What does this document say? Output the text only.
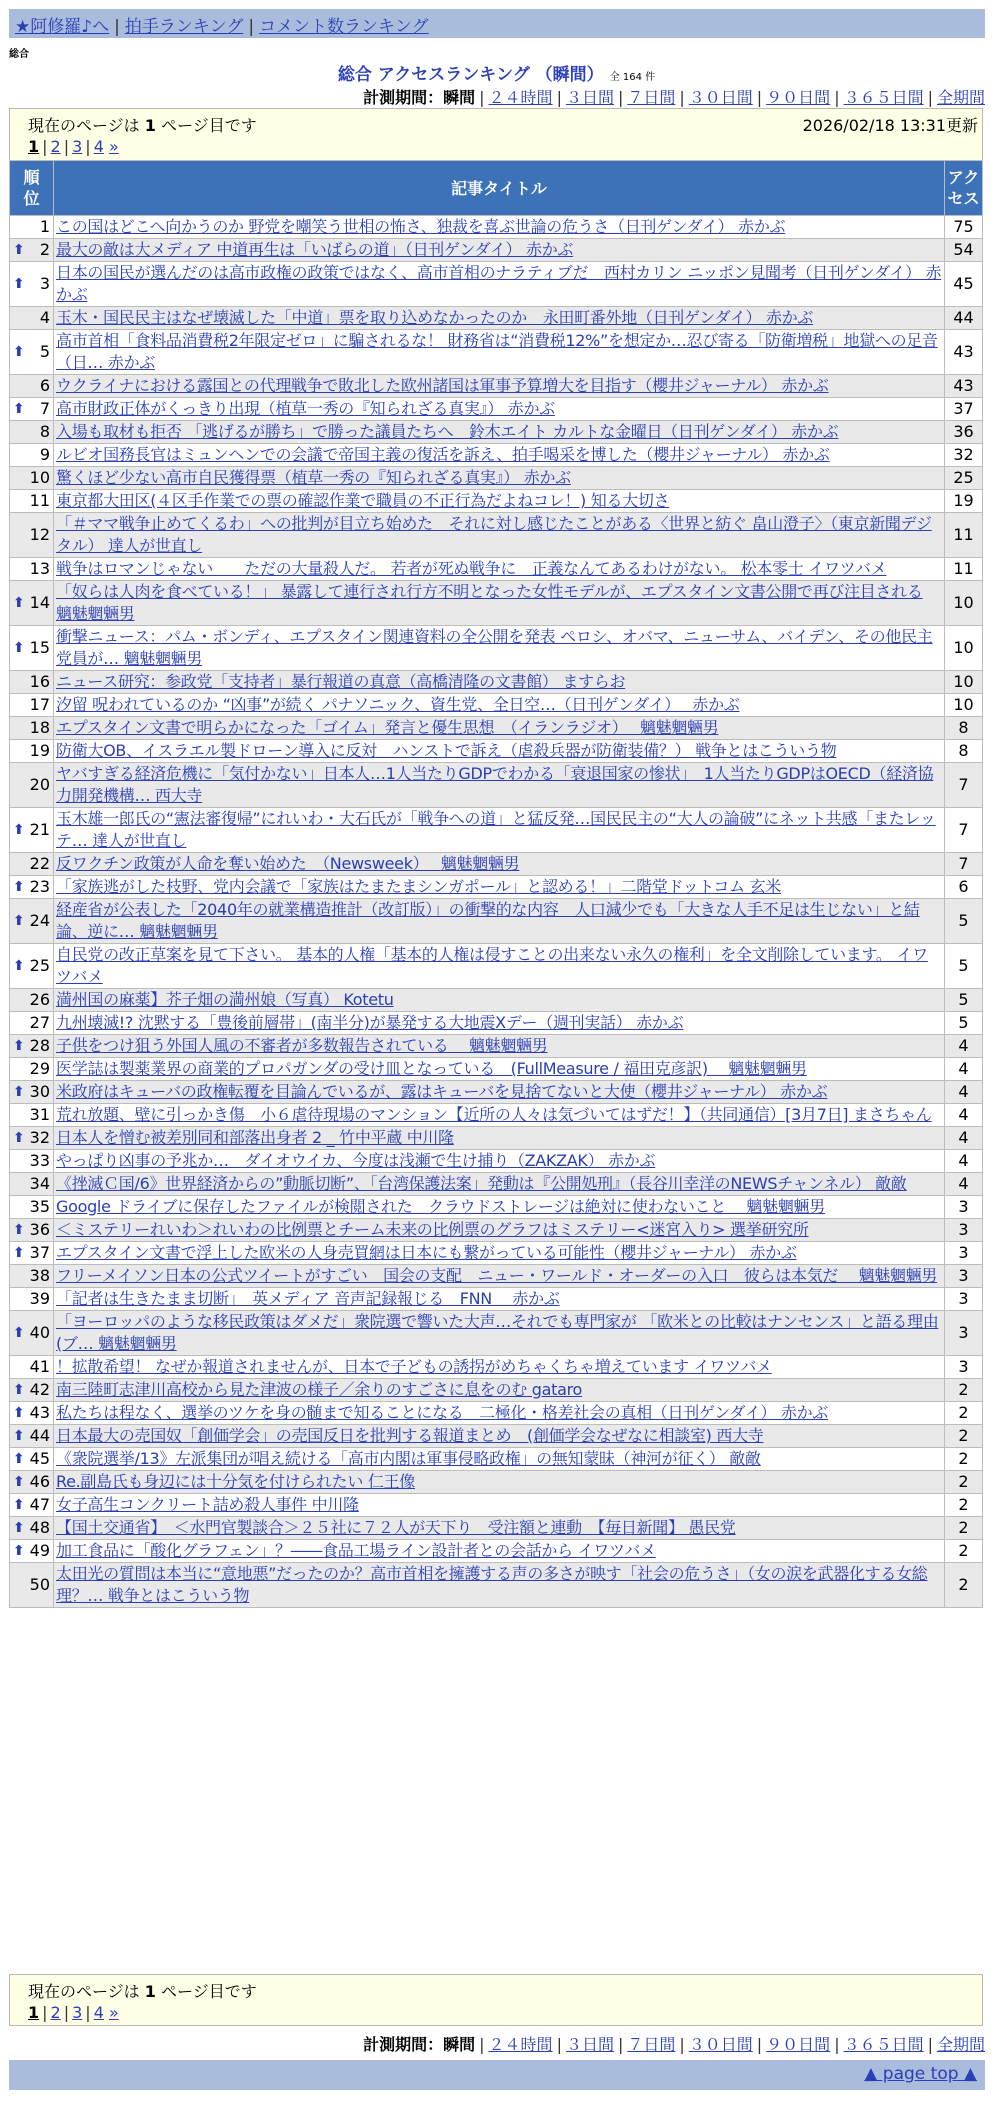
★阿修羅♪へ | 拍手ランキング | コメント数ランキング
総合
総合 アクセスランキング （瞬間） 全 164 件
計測期間：瞬間 | ２４時間 | ３日間 | ７日間 | ３０日間 | ９０日間 | ３６５日間 | 全期間
現在のページは 1 ページ目です
1 | 2 | 3 | 4 »
2026/02/18 13:31更新
順位	記事タイトル	アクセス
1	この国はどこへ向かうのか 野党を嘲笑う世相の怖さ、独裁を喜ぶ世論の危うさ（日刊ゲンダイ） 赤かぶ	75

⬆ 2	最大の敵は大メディア 中道再生は「いばらの道」（日刊ゲンダイ） 赤かぶ	54

⬆ 3	日本の国民が選んだのは高市政権の政策ではなく、高市首相のナラティブだ　西村カリン ニッポン見聞考（日刊ゲンダイ） 赤かぶ	45
4	玉木・国民民主はなぜ壊滅した「中道」票を取り込めなかったのか　永田町番外地（日刊ゲンダイ） 赤かぶ	44

⬆ 5	高市首相「食料品消費税2年限定ゼロ」に騙されるな！ 財務省は“消費税12%”を想定か…忍び寄る「防衛増税」地獄への足音（日… 赤かぶ	43
6	ウクライナにおける露国との代理戦争で敗北した欧州諸国は軍事予算増大を目指す（櫻井ジャーナル） 赤かぶ	43

⬆ 7	高市財政正体がくっきり出現（植草一秀の『知られざる真実』） 赤かぶ	37
8	入場も取材も拒否 「逃げるが勝ち」で勝った議員たちへ　鈴木エイト カルトな金曜日（日刊ゲンダイ） 赤かぶ	36
9	ルビオ国務長官はミュンヘンでの会議で帝国主義の復活を訴え、拍手喝采を博した（櫻井ジャーナル） 赤かぶ	32
10	驚くほど少ない高市自民獲得票（植草一秀の『知られざる真実』） 赤かぶ	25
11	東京都大田区(４区手作業での票の確認作業で職員の不正行為だよねコレ！) 知る大切さ	19
12	「＃ママ戦争止めてくるわ」への批判が目立ち始めた　それに対し感じたことがある〈世界と紡ぐ 畠山澄子〉（東京新聞デジタル） 達人が世直し	11
13	戦争はロマンじゃない　　ただの大量殺人だ。 若者が死ぬ戦争に　正義なんてあるわけがない。 松本零士 イワツバメ	11

⬆ 14	「奴らは人肉を食べている！」 暴露して連行され行方不明となった女性モデルが、エプスタイン文書公開で再び注目される 魑魅魍魎男	10

⬆ 15	衝撃ニュース：パム・ボンディ、エプスタイン関連資料の全公開を発表 ペロシ、オバマ、ニューサム、バイデン、その他民主党員が… 魑魅魍魎男	10
16	ニュース研究：参政党「支持者」暴行報道の真意（高橋清隆の文書館） ますらお	10
17	汐留 呪われているのか “凶事”が続く パナソニック、資生党、全日空…（日刊ゲンダイ）　 赤かぶ	10
18	エプスタイン文書で明らかになった「ゴイム」発言と優生思想　（イランラジオ）　 魑魅魍魎男	8
19	防衛大OB、イスラエル製ドローン導入に反対　ハンストで訴え（虐殺兵器が防衛装備？） 戦争とはこういう物	8
20	ヤバすぎる経済危機に「気付かない」日本人…1人当たりGDPでわかる「衰退国家の惨状」　1人当たりGDPはOECD（経済協力開発機構… 西大寺	7

⬆ 21	玉木雄一郎氏の“憲法審復帰”にれいわ・大石氏が「戦争への道」と猛反発…国民民主の“大人の論破”にネット共感「またレッテ… 達人が世直し	7
22	反ワクチン政策が人命を奪い始めた　（Newsweek）　 魑魅魍魎男	7

⬆ 23	「家族逃がした枝野、党内会議で「家族はたまたまシンガポール」と認める！」二階堂ドットコム 玄米	6

⬆ 24	経産省が公表した「2040年の就業構造推計（改訂版）」の衝撃的な内容　人口減少でも「大きな人手不足は生じない」と結論、逆に… 魑魅魍魎男	5

⬆ 25	自民党の改正草案を見て下さい。 基本的人権「基本的人権は侵すことの出来ない永久の権利」を全文削除しています。 イワツバメ	5
26	満州国の麻薬】芥子畑の満州娘（写真） Kotetu	5
27	九州壊滅!? 沈黙する「豊後前層帯」(南半分)が暴発する大地震Xデー（週刊実話） 赤かぶ	5

⬆ 28	子供をつけ狙う外国人風の不審者が多数報告されている　 魑魅魍魎男	4
29	医学誌は製薬業界の商業的プロパガンダの受け皿となっている　(FullMeasure / 福田克彦訳)　 魑魅魍魎男	4

⬆ 30	米政府はキューバの政権転覆を目論んでいるが、露はキューバを見捨てないと大使（櫻井ジャーナル） 赤かぶ	4
31	荒れ放題、壁に引っかき傷　小６虐待現場のマンション【近所の人々は気づいてはずだ！】（共同通信）[3月7日] まさちゃん	4

⬆ 32	日本人を憎む被差別同和部落出身者 2 _ 竹中平蔵 中川隆	4
33	やっぱり凶事の予兆か…　ダイオウイカ、今度は浅瀬で生け捕り（ZAKZAK） 赤かぶ	4
34	《挫滅Ｃ国/6》世界経済からの”動脈切断”、「台湾保護法案」発動は『公開処刑』（長谷川幸洋のNEWSチャンネル） 敵敵	4
35	Google ドライブに保存したファイルが検閲された　クラウドストレージは絶対に使わないこと　 魑魅魍魎男	3

⬆ 36	＜ミステリーれいわ＞れいわの比例票とチーム未来の比例票のグラフはミステリー<迷宮入り> 選挙研究所	3

⬆ 37	エプスタイン文書で浮上した欧米の人身売買網は日本にも繋がっている可能性（櫻井ジャーナル） 赤かぶ	3
38	フリーメイソン日本の公式ツイートがすごい　国会の支配　ニュー・ワールド・オーダーの入口　彼らは本気だ　 魑魅魍魎男	3
39	「記者は生きたまま切断」　英メディア 音声記録報じる　FNN　 赤かぶ	3

⬆ 40	「ヨーロッパのような移民政策はダメだ」衆院選で響いた大声…それでも専門家が 「欧米との比較はナンセンス」と語る理由 (ブ… 魑魅魍魎男	3
41	！拡散希望！ なぜか報道されませんが、日本で子どもの誘拐がめちゃくちゃ増えています イワツバメ	3

⬆ 42	南三陸町志津川高校から見た津波の様子／余りのすごさに息をのむ gataro	2

⬆ 43	私たちは程なく、選挙のツケを身の髄まで知ることになる　二極化・格差社会の真相（日刊ゲンダイ） 赤かぶ	2

⬆ 44	日本最大の売国奴「創価学会」の売国反日を批判する報道まとめ　(創価学会なぜなに相談室) 西大寺	2

⬆ 45	《衆院選挙/13》左派集団が唱え続ける「高市内閣は軍事侵略政権」の無知蒙昧（神河が征く） 敵敵	2

⬆ 46	Re.副島氏も身辺には十分気を付けられたい 仁王像	2

⬆ 47	女子高生コンクリート詰め殺人事件 中川隆	2

⬆ 48	【国土交通省】　＜水門官製談合＞２５社に７２人が天下り　受注額と連動　【毎日新聞】 愚民党	2

⬆ 49	加工食品に「酸化グラフェン」？――食品工場ライン設計者との会話から イワツバメ	2
50	太田光の質問は本当に“意地悪”だったのか？高市首相を擁護する声の多さが映す「社会の危うさ」（女の涙を武器化する女総理？… 戦争とはこういう物	2
現在のページは 1 ページ目です
1 | 2 | 3 | 4 »
計測期間：瞬間 | ２４時間 | ３日間 | ７日間 | ３０日間 | ９０日間 | ３６５日間 | 全期間
▲ page top ▲
